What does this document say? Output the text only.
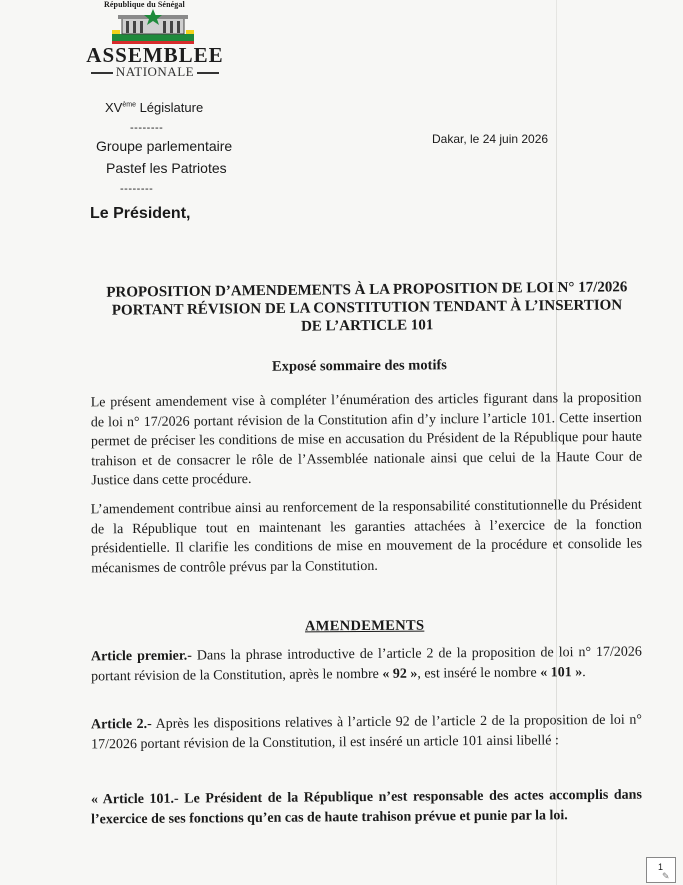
République du Sénégal
ASSEMBLEE
NATIONALE
XVème Législature
--------
Groupe parlementaire
Pastef les Patriotes
--------
Le Président,
Dakar, le 24 juin 2026
PROPOSITION D’AMENDEMENTS À LA PROPOSITION DE LOI N° 17/2026
PORTANT RÉVISION DE LA CONSTITUTION TENDANT À L’INSERTION
DE L’ARTICLE 101
Exposé sommaire des motifs
Le présent amendement vise à compléter l’énumération des articles figurant dans la proposition de loi n° 17/2026 portant révision de la Constitution afin d’y inclure l’article 101. Cette insertion permet de préciser les conditions de mise en accusation du Président de la République pour haute trahison et de consacrer le rôle de l’Assemblée nationale ainsi que celui de la Haute Cour de Justice dans cette procédure.
L’amendement contribue ainsi au renforcement de la responsabilité constitutionnelle du Président de la République tout en maintenant les garanties attachées à l’exercice de la fonction présidentielle. Il clarifie les conditions de mise en mouvement de la procédure et consolide les mécanismes de contrôle prévus par la Constitution.
AMENDEMENTS
Article premier.- Dans la phrase introductive de l’article 2 de la proposition de loi n° 17/2026 portant révision de la Constitution, après le nombre « 92 », est inséré le nombre « 101 ».
Article 2.- Après les dispositions relatives à l’article 92 de l’article 2 de la proposition de loi n° 17/2026 portant révision de la Constitution, il est inséré un article 101 ainsi libellé :
« Article 101.- Le Président de la République n’est responsable des actes accomplis dans l’exercice de ses fonctions qu’en cas de haute trahison prévue et punie par la loi.
1
✎
